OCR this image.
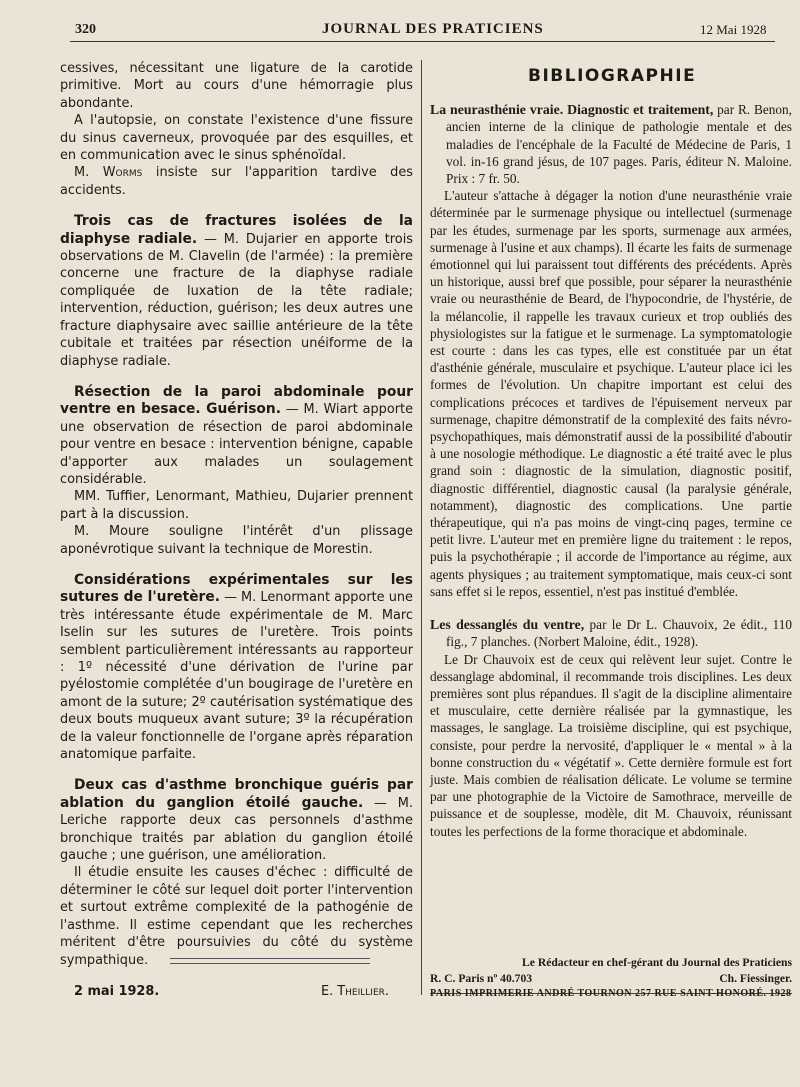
320	JOURNAL DES PRATICIENS	12 Mai 1928

cessives, nécessitant une ligature de la carotide primitive. Mort au cours d'une hémorragie plus abondante.

A l'autopsie, on constate l'existence d'une fissure du sinus caverneux, provoquée par des esquilles, et en communication avec le sinus sphénoïdal.

M. Worms insiste sur l'apparition tardive des accidents.

Trois cas de fractures isolées de la diaphyse radiale. — M. Dujarier en apporte trois observations de M. Clavelin (de l'armée) : la première concerne une fracture de la diaphyse radiale compliquée de luxation de la tête radiale; intervention, réduction, guérison; les deux autres une fracture diaphysaire avec saillie antérieure de la tête cubitale et traitées par résection unéiforme de la diaphyse radiale.

Résection de la paroi abdominale pour ventre en besace. Guérison. — M. Wiart apporte une observation de résection de paroi abdominale pour ventre en besace : intervention bénigne, capable d'apporter aux malades un soulagement considérable.

MM. Tuffier, Lenormant, Mathieu, Dujarier prennent part à la discussion.

M. Moure souligne l'intérêt d'un plissage aponévrotique suivant la technique de Morestin.

Considérations expérimentales sur les sutures de l'uretère. — M. Lenormant apporte une très intéressante étude expérimentale de M. Marc Iselin sur les sutures de l'uretère. Trois points semblent particulièrement intéressants au rapporteur : 1º nécessité d'une dérivation de l'urine par pyélostomie complétée d'un bougirage de l'uretère en amont de la suture; 2º cautérisation systématique des deux bouts muqueux avant suture; 3º la récupération de la valeur fonctionnelle de l'organe après réparation anatomique parfaite.

Deux cas d'asthme bronchique guéris par ablation du ganglion étoilé gauche. — M. Leriche rapporte deux cas personnels d'asthme bronchique traités par ablation du ganglion étoilé gauche ; une guérison, une amélioration.

Il étudie ensuite les causes d'échec : difficulté de déterminer le côté sur lequel doit porter l'intervention et surtout extrême complexité de la pathogénie de l'asthme. Il estime cependant que les recherches méritent d'être poursuivies du côté du système sympathique.

2 mai 1928.	E. Theillier.
BIBLIOGRAPHIE

La neurasthénie vraie. Diagnostic et traitement, par R. Benon, ancien interne de la clinique de pathologie mentale et des maladies de l'encéphale de la Faculté de Médecine de Paris, 1 vol. in-16 grand jésus, de 107 pages. Paris, éditeur N. Maloine. Prix : 7 fr. 50.

L'auteur s'attache à dégager la notion d'une neurasthénie vraie déterminée par le surmenage physique ou intellectuel (surmenage par les études, surmenage par les sports, surmenage aux armées, surmenage à l'usine et aux champs). Il écarte les faits de surmenage émotionnel qui lui paraissent tout différents des précédents. Après un historique, aussi bref que possible, pour séparer la neurasthénie vraie ou neurasthénie de Beard, de l'hypocondrie, de l'hystérie, de la mélancolie, il rappelle les travaux curieux et trop oubliés des physiologistes sur la fatigue et le surmenage. La symptomatologie est courte : dans les cas types, elle est constituée par un état d'asthénie générale, musculaire et psychique. L'auteur place ici les formes de l'évolution. Un chapitre important est celui des complications précoces et tardives de l'épuisement nerveux par surmenage, chapitre démonstratif de la complexité des faits névro-psychopathiques, mais démonstratif aussi de la possibilité d'aboutir à une nosologie méthodique. Le diagnostic a été traité avec le plus grand soin : diagnostic de la simulation, diagnostic positif, diagnostic différentiel, diagnostic causal (la paralysie générale, notamment), diagnostic des complications. Une partie thérapeutique, qui n'a pas moins de vingt-cinq pages, termine ce petit livre. L'auteur met en première ligne du traitement : le repos, puis la psychothérapie ; il accorde de l'importance au régime, aux agents physiques ; au traitement symptomatique, mais ceux-ci sont sans effet si le repos, essentiel, n'est pas institué d'emblée.

Les dessanglés du ventre, par le Dr L. Chauvoix, 2e édit., 110 fig., 7 planches. (Norbert Maloine, édit., 1928).

Le Dr Chauvoix est de ceux qui relèvent leur sujet. Contre le dessanglage abdominal, il recommande trois disciplines. Les deux premières sont plus répandues. Il s'agit de la discipline alimentaire et musculaire, cette dernière réalisée par la gymnastique, les massages, le sanglage. La troisième discipline, qui est psychique, consiste, pour perdre la nervosité, d'appliquer le « mental » à la bonne construction du « végétatif ». Cette dernière formule est fort juste. Mais combien de réalisation délicate. Le volume se termine par une photographie de la Victoire de Samothrace, merveille de puissance et de souplesse, modèle, dit M. Chauvoix, réunissant toutes les perfections de la forme thoracique et abdominale.

Le Rédacteur en chef-gérant du Journal des Praticiens
R. C. Paris nº 40.703	Ch. Fiessinger.
PARIS IMPRIMERIE ANDRÉ TOURNON 257 RUE SAINT-HONORÉ. 1928
